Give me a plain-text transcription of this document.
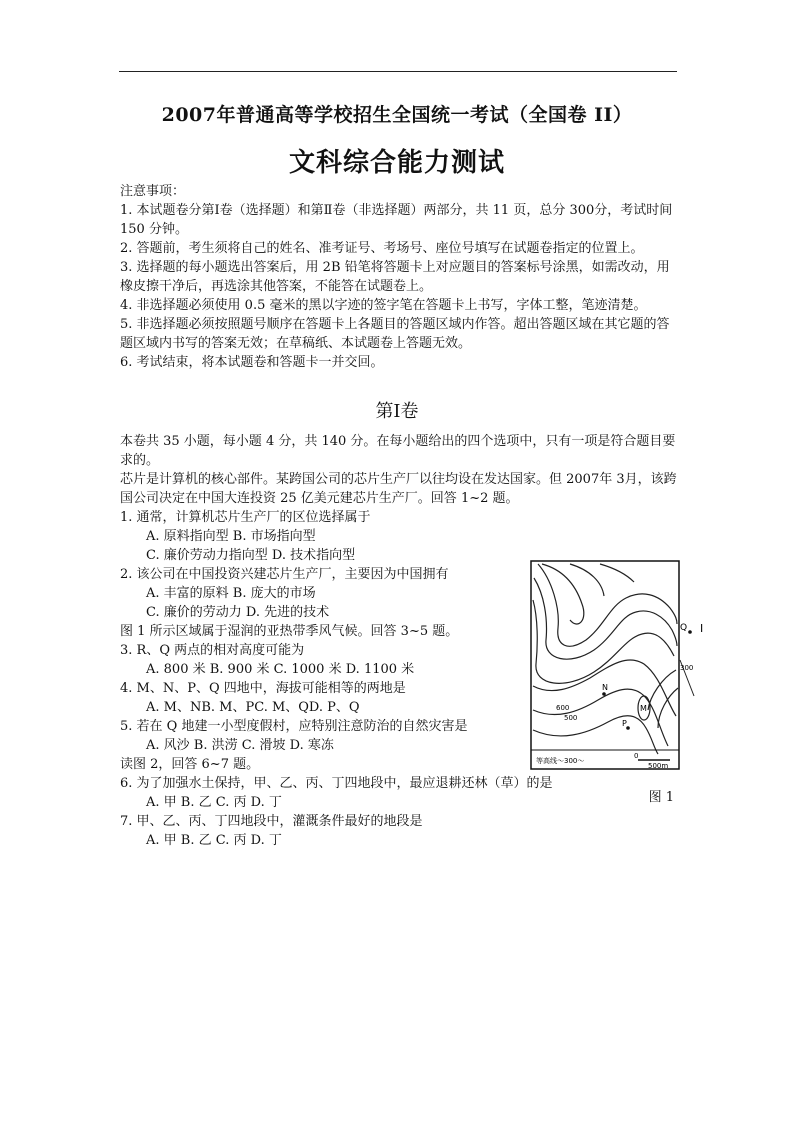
2007年普通高等学校招生全国统一考试（全国卷 II）
文科综合能力测试
注意事项：
1. 本试题卷分第Ⅰ卷（选择题）和第Ⅱ卷（非选择题）两部分，共 11 页，总分 300分，考试时间 150 分钟。
2. 答题前，考生须将自己的姓名、准考证号、考场号、座位号填写在试题卷指定的位置上。
3. 选择题的每小题选出答案后，用 2B 铅笔将答题卡上对应题目的答案标号涂黑，如需改动，用橡皮擦干净后，再选涂其他答案，不能答在试题卷上。
4. 非选择题必须使用 0.5 毫米的黑以字迹的签字笔在答题卡上书写，字体工整，笔迹清楚。
5. 非选择题必须按照题号顺序在答题卡上各题目的答题区域内作答。超出答题区域在其它题的答题区域内书写的答案无效；在草稿纸、本试题卷上答题无效。
6. 考试结束，将本试题卷和答题卡一并交回。
第Ⅰ卷
本卷共 35 小题，每小题 4 分，共 140 分。在每小题给出的四个选项中，只有一项是符合题目要求的。
芯片是计算机的核心部件。某跨国公司的芯片生产厂以往均设在发达国家。但 2007年 3月，该跨国公司决定在中国大连投资 25 亿美元建芯片生产厂。回答 1~2 题。
1. 通常，计算机芯片生产厂的区位选择属于
A. 原料指向型 B. 市场指向型
C. 廉价劳动力指向型 D. 技术指向型
2. 该公司在中国投资兴建芯片生产厂，主要因为中国拥有
A. 丰富的原料 B. 庞大的市场
C. 廉价的劳动力 D. 先进的技术
图 1 所示区域属于湿润的亚热带季风气候。回答 3~5 题。
3. R、Q 两点的相对高度可能为
A. 800 米 B. 900 米 C. 1000 米 D. 1100 米
4. M、N、P、Q 四地中，海拔可能相等的两地是
A. M、NB. M、PC. M、QD. P、Q
5. 若在 Q 地建一小型度假村，应特别注意防治的自然灾害是
A. 风沙 B. 洪涝 C. 滑坡 D. 寒冻
读图 2，回答 6~7 题。
6. 为了加强水土保持，甲、乙、丙、丁四地段中，最应退耕还林（草）的是
A. 甲 B. 乙 C. 丙 D. 丁
7. 甲、乙、丙、丁四地段中，灌溉条件最好的地段是
A. 甲 B. 乙 C. 丙 D. 丁
Q I
N
P
M
300
600
500
等高线～300～
0
500m
图 1
